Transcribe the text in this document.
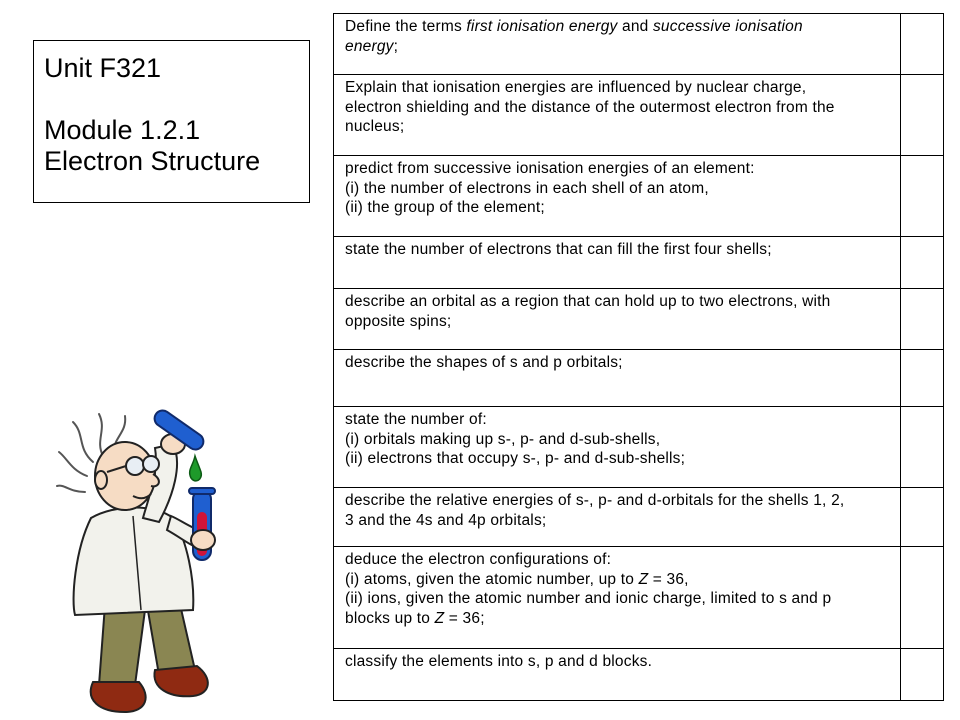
Unit F321
Module 1.2.1
Electron Structure
Define the terms first ionisation energy and successive ionisation
energy;	

Explain that ionisation energies are influenced by nuclear charge,
electron shielding and the distance of the outermost electron from the
nucleus;	

predict from successive ionisation energies of an element:
(i) the number of electrons in each shell of an atom,
(ii) the group of the element;	

state the number of electrons that can fill the first four shells;	

describe an orbital as a region that can hold up to two electrons, with
opposite spins;	

describe the shapes of s and p orbitals;	

state the number of:
(i) orbitals making up s-, p- and d-sub-shells,
(ii) electrons that occupy s-, p- and d-sub-shells;	

describe the relative energies of s-, p- and d-orbitals for the shells 1, 2,
3 and the 4s and 4p orbitals;	

deduce the electron configurations of:
(i) atoms, given the atomic number, up to Z = 36,
(ii) ions, given the atomic number and ionic charge, limited to s and p
blocks up to Z = 36;	

classify the elements into s, p and d blocks.	
